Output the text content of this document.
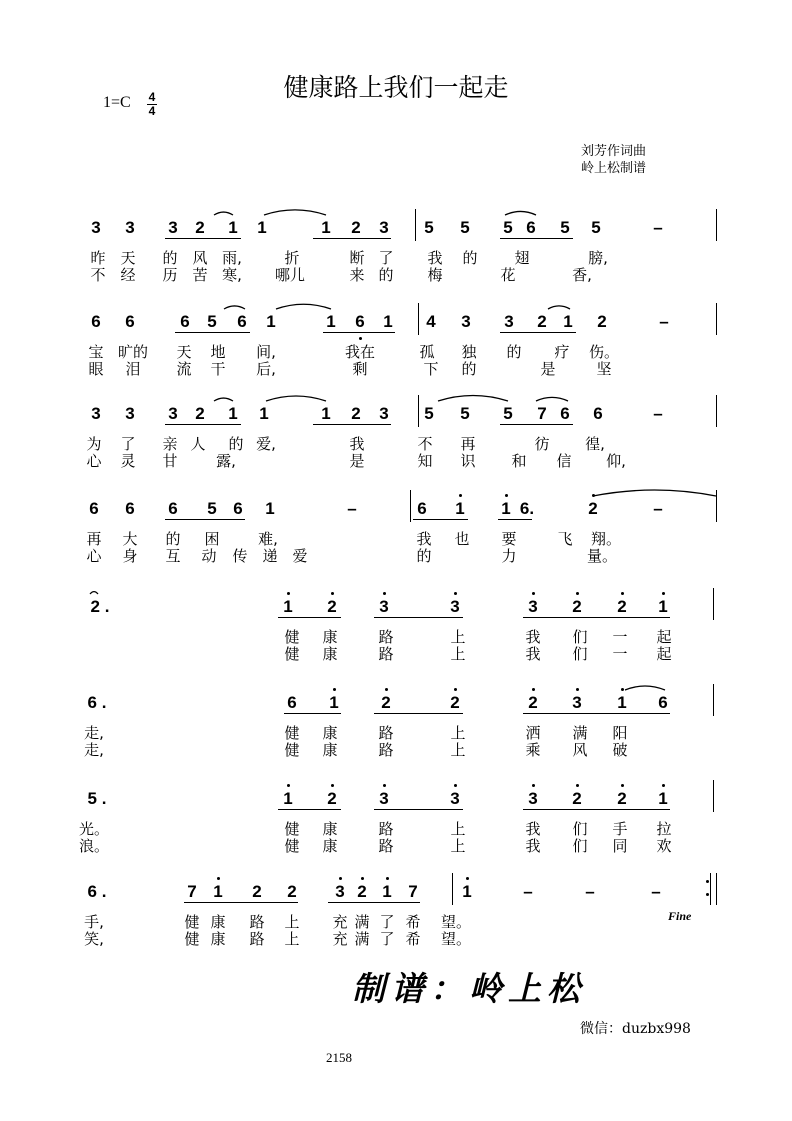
健康路上我们一起走
1=C 4
4
刘芳作词曲
岭上松制谱
3 3 3 2 1 1	1 2 3 5 5 5 6 5 5	–
昨 天 的 风 雨,	折	断 了 我 的 翅	膀,
不 经 历 苦 寒, 哪儿	来 的 梅	花	香,
6 6	6 5 6 1	1 6 1 4 3 3 2 1 2	–
宝 旷的 天 地 间,	我在	孤 独 的 疗 伤。
眼 泪 流 干 后,	剩	下 的	是	坚
3 3 3 2 1 1	1 2 3 5 5 5 7 6 6	–
为 了 亲 人 的 爱,	我	不 再	彷 徨,
心 灵 甘	露,	是	知 识 和 信 仰,
6 6 6 5 6 1	–	6 1 1 6.	2	–
再 大 的 困	难,	我 也 要	飞 翔。
心 身 互 动 传 递 爱	的	力	量。
2 .	1 2	3	3	3 2 2 1
健 康	路	上	我 们 一 起
健 康	路	上	我 们 一 起
6 .	6 1	2	2	2 3 1 6
走,	健 康	路	上	洒 满 阳
走,	健 康	路	上	乘 风 破
5 .	1 2	3	3	3 2 2 1
光。	健 康	路	上	我 们 手 拉
浪。	健 康	路	上	我 们 同 欢
6 .	7 1 2 2 3 2 1 7	1	–	–	–
手,	健 康 路 上 充 满 了 希 望。
笑,	健 康 路 上 充 满 了 希 望。
Fine
制谱：岭上松
微信：duzbx998
2158
